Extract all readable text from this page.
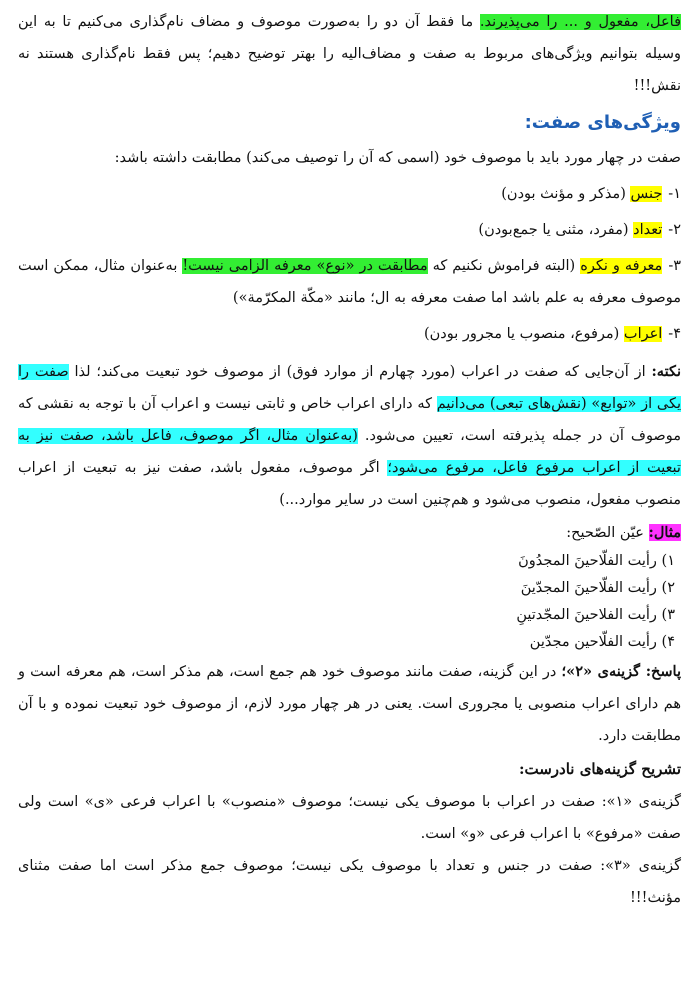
فاعل، مفعول و ... را می‌پذیرند. ما فقط آن دو را به‌صورت موصوف و مضاف نام‌گذاری می‌کنیم تا به این وسیله بتوانیم ویژگی‌های مربوط به صفت و مضاف‌الیه را بهتر توضیح دهیم؛ پس فقط نام‌گذاری هستند نه نقش!!!

ویژگی‌های صفت:

صفت در چهار مورد باید با موصوف خود (اسمی که آن را توصیف می‌کند) مطابقت داشته باشد:

۱-جنس (مذکر و مؤنث بودن)

۲-تعداد (مفرد، مثنی یا جمع‌بودن)

۳-معرفه و نکره (البته فراموش نکنیم که مطابقت در «نوع» معرفه الزامی نیست! به‌عنوان مثال، ممکن است موصوف معرفه به علم باشد اما صفت معرفه به ال؛ مانند «مکّة المکرّمة»)

۴-اعراب (مرفوع، منصوب یا مجرور بودن)

نکته: از آن‌جایی که صفت در اعراب (مورد چهارم از موارد فوق) از موصوف خود تبعیت می‌کند؛ لذا صفت را یکی از «توابع» (نقش‌های تبعی) می‌دانیم که دارای اعراب خاص و ثابتی نیست و اعراب آن با توجه به نقشی که موصوف آن در جمله پذیرفته است، تعیین می‌شود. (به‌عنوان مثال، اگر موصوف، فاعل باشد، صفت نیز به تبعیت از اعراب مرفوع فاعل، مرفوع می‌شود؛ اگر موصوف، مفعول باشد، صفت نیز به تبعیت از اعراب منصوب مفعول، منصوب می‌شود و هم‌چنین است در سایر موارد...)

مثال: عیّن الصّحیح:

۱) رأیت الفلّاحینَ المجدُونَ

۲) رأیت الفلّاحینَ المجدّینَ

۳) رأیت الفلاحینَ المجّدتینِ

۴) رأیت الفلّاحین مجدّین

پاسخ: گزینه‌ی «۲»؛ در این گزینه، صفت مانند موصوف خود هم جمع است، هم مذکر است، هم معرفه است و هم دارای اعراب منصوبی یا مجروری است. یعنی در هر چهار مورد لازم، از موصوف خود تبعیت نموده و با آن مطابقت دارد.

تشریح گزینه‌های نادرست:

گزینه‌ی «۱»: صفت در اعراب با موصوف یکی نیست؛ موصوف «منصوب» با اعراب فرعی «ی» است ولی صفت «مرفوع» با اعراب فرعی «و» است.

گزینه‌ی «۳»: صفت در جنس و تعداد با موصوف یکی نیست؛ موصوف جمع مذکر است اما صفت مثنای مؤنث!!!
